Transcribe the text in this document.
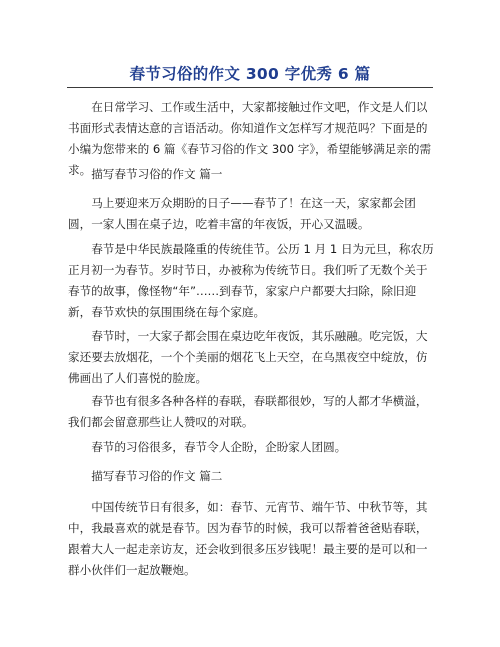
春节习俗的作文 300 字优秀 6 篇

在日常学习、工作或生活中，大家都接触过作文吧，作文是人们以书面形式表情达意的言语活动。你知道作文怎样写才规范吗？下面是的小编为您带来的 6 篇《春节习俗的作文 300 字》，希望能够满足亲的需求。 描写春节习俗的作文 篇一

马上要迎来万众期盼的日子——春节了！在这一天，家家都会团圆，一家人围在桌子边，吃着丰富的年夜饭，开心又温暖。

春节是中华民族最隆重的传统佳节。公历 1 月 1 日为元旦，称农历正月初一为春节。岁时节日，办被称为传统节日。我们听了无数个关于春节的故事，像怪物“年”……到春节，家家户户都要大扫除，除旧迎新，春节欢快的氛围围绕在每个家庭。

春节时，一大家子都会围在桌边吃年夜饭，其乐融融。吃完饭，大家还要去放烟花，一个个美丽的烟花飞上天空，在乌黑夜空中绽放，仿佛画出了人们喜悦的脸庞。

春节也有很多各种各样的春联，春联都很妙，写的人都才华横溢，我们都会留意那些让人赞叹的对联。

春节的习俗很多，春节令人企盼，企盼家人团圆。

描写春节习俗的作文 篇二

中国传统节日有很多，如：春节、元宵节、端午节、中秋节等，其中，我最喜欢的就是春节。因为春节的时候，我可以帮着爸爸贴春联，跟着大人一起走亲访友，还会收到很多压岁钱呢！最主要的是可以和一群小伙伴们一起放鞭炮。
